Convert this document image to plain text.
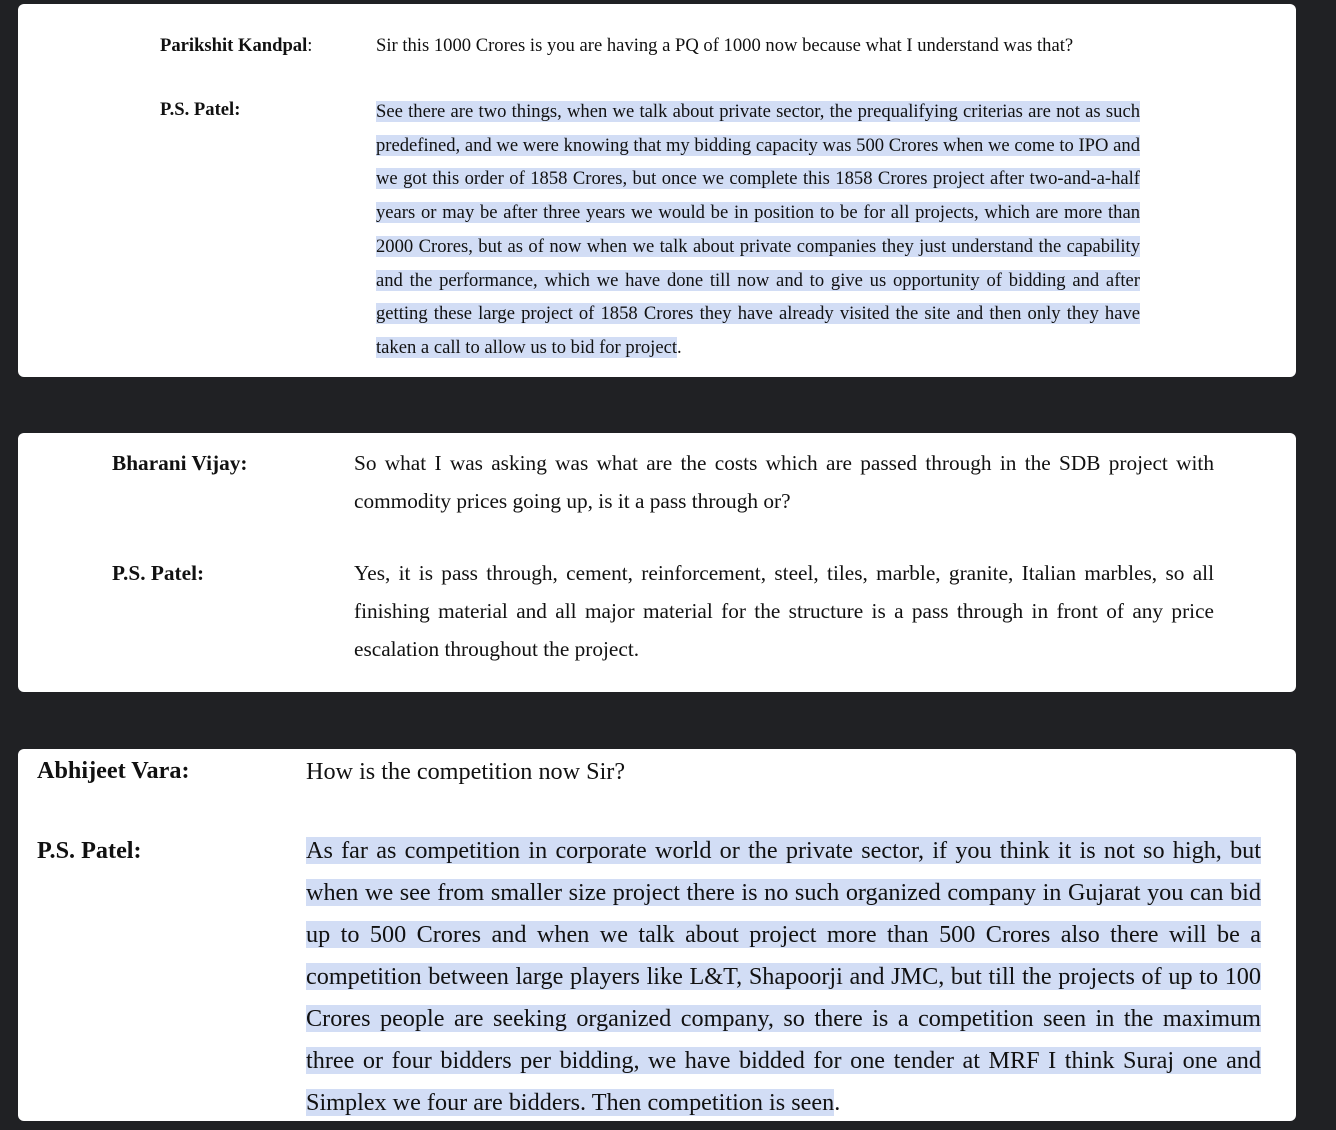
Parikshit Kandpal:	Sir this 1000 Crores is you are having a PQ of 1000 now because what I understand was that?
P.S. Patel:	See there are two things, when we talk about private sector, the prequalifying criterias are not as such predefined, and we were knowing that my bidding capacity was 500 Crores when we come to IPO and we got this order of 1858 Crores, but once we complete this 1858 Crores project after two-and-a-half years or may be after three years we would be in position to be for all projects, which are more than 2000 Crores, but as of now when we talk about private companies they just understand the capability and the performance, which we have done till now and to give us opportunity of bidding and after getting these large project of 1858 Crores they have already visited the site and then only they have taken a call to allow us to bid for project.
Bharani Vijay:	So what I was asking was what are the costs which are passed through in the SDB project with commodity prices going up, is it a pass through or?
P.S. Patel:	Yes, it is pass through, cement, reinforcement, steel, tiles, marble, granite, Italian marbles, so all finishing material and all major material for the structure is a pass through in front of any price escalation throughout the project.
Abhijeet Vara:	How is the competition now Sir?
P.S. Patel:	As far as competition in corporate world or the private sector, if you think it is not so high, but when we see from smaller size project there is no such organized company in Gujarat you can bid up to 500 Crores and when we talk about project more than 500 Crores also there will be a competition between large players like L&T, Shapoorji and JMC, but till the projects of up to 100 Crores people are seeking organized company, so there is a competition seen in the maximum three or four bidders per bidding, we have bidded for one tender at MRF I think Suraj one and Simplex we four are bidders. Then competition is seen.
